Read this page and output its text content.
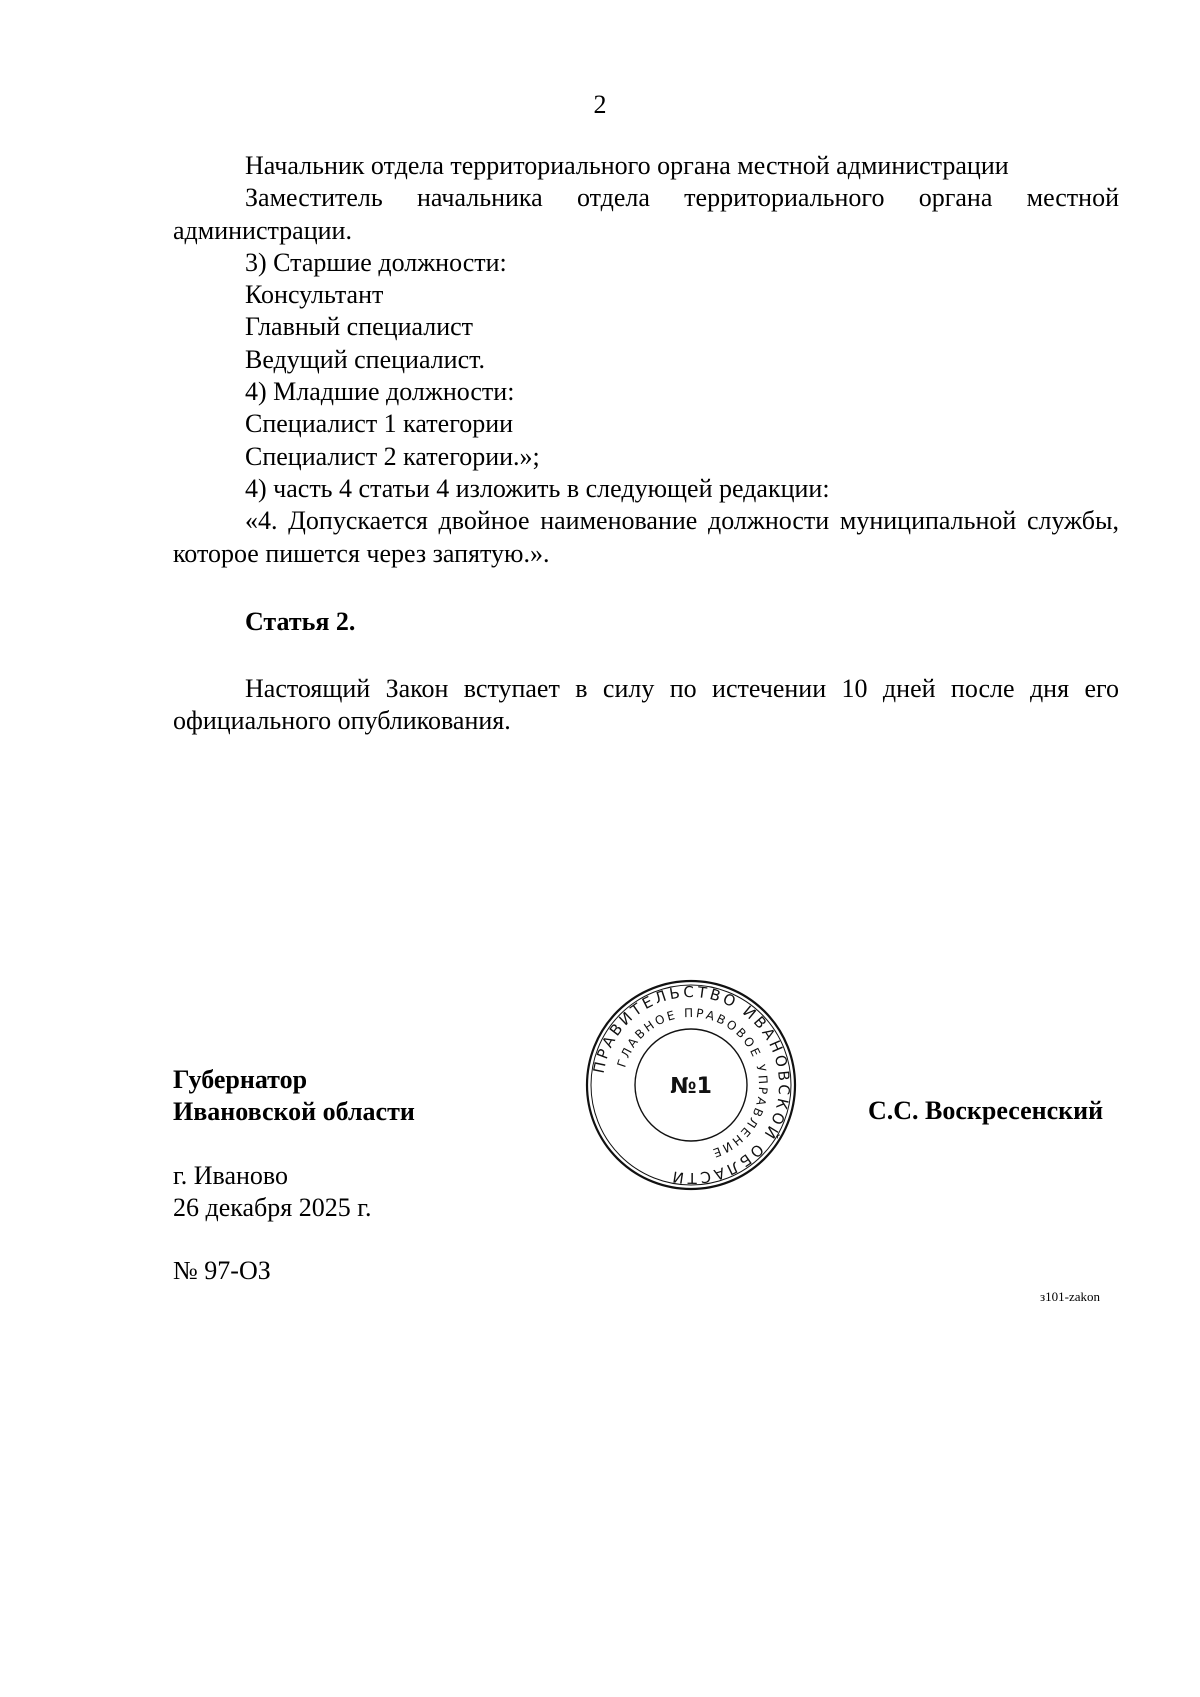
2

Начальник отдела территориального органа местной администрации

Заместитель начальника отдела территориального органа местной администрации.

3) Старшие должности:

Консультант

Главный специалист

Ведущий специалист.

4) Младшие должности:

Специалист 1 категории

Специалист 2 категории.»;

4) часть 4 статьи 4 изложить в следующей редакции:

«4. Допускается двойное наименование должности муниципальной службы, которое пишется через запятую.».

Статья 2.
Настоящий Закон вступает в силу по истечении 10 дней после дня его официального опубликования.
Губернатор
Ивановской области
ПРАВИТЕЛЬСТВО ИВАНОВСКОЙ ОБЛАСТИ
ГЛАВНОЕ ПРАВОВОЕ УПРАВЛЕНИЕ
№1
С.С. Воскресенский
г. Иваново
26 декабря 2025 г.
№ 97-ОЗ
з101-zakon
